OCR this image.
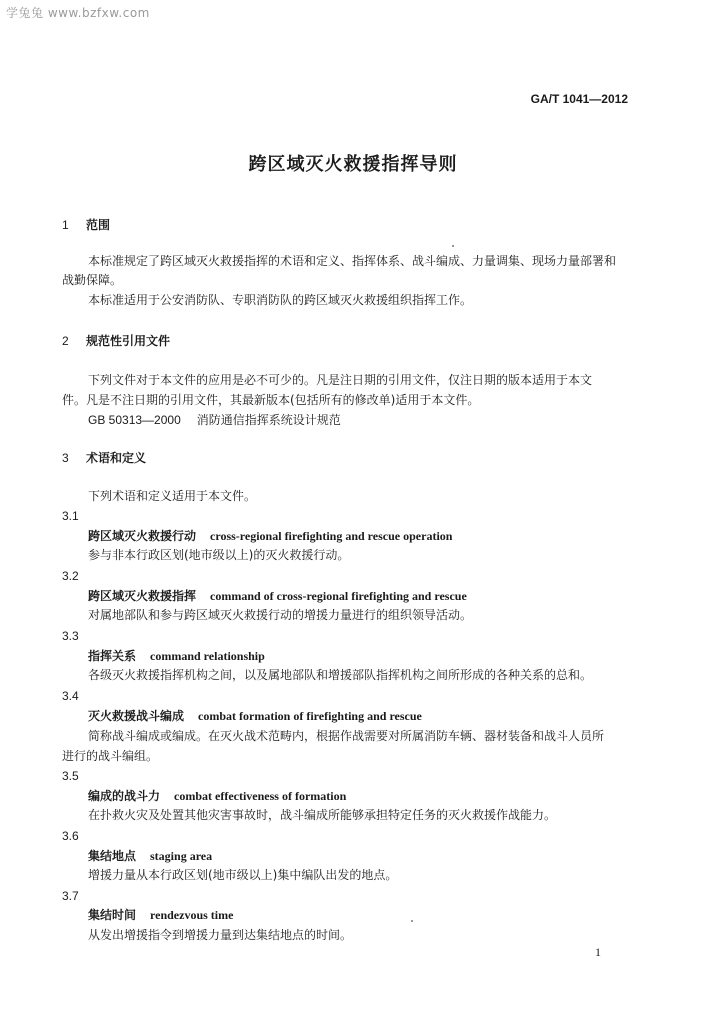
学兔兔 www.bzfxw.com
GA/T 1041—2012
跨区域灭火救援指挥导则
1 范围
本标准规定了跨区域灭火救援指挥的术语和定义、指挥体系、战斗编成、力量调集、现场力量部署和
战勤保障。
本标准适用于公安消防队、专职消防队的跨区域灭火救援组织指挥工作。
2 规范性引用文件
下列文件对于本文件的应用是必不可少的。凡是注日期的引用文件，仅注日期的版本适用于本文
件。凡是不注日期的引用文件，其最新版本(包括所有的修改单)适用于本文件。
GB 50313—2000 消防通信指挥系统设计规范
3 术语和定义
下列术语和定义适用于本文件。
3.1
跨区域灭火救援行动 cross-regional firefighting and rescue operation
参与非本行政区划(地市级以上)的灭火救援行动。
3.2
跨区域灭火救援指挥 command of cross-regional firefighting and rescue
对属地部队和参与跨区域灭火救援行动的增援力量进行的组织领导活动。
3.3
指挥关系 command relationship
各级灭火救援指挥机构之间，以及属地部队和增援部队指挥机构之间所形成的各种关系的总和。
3.4
灭火救援战斗编成 combat formation of firefighting and rescue
简称战斗编成或编成。在灭火战术范畴内，根据作战需要对所属消防车辆、器材装备和战斗人员所
进行的战斗编组。
3.5
编成的战斗力 combat effectiveness of formation
在扑救火灾及处置其他灾害事故时，战斗编成所能够承担特定任务的灭火救援作战能力。
3.6
集结地点 staging area
增援力量从本行政区划(地市级以上)集中编队出发的地点。
3.7
集结时间 rendezvous time
从发出增援指令到增援力量到达集结地点的时间。
1
